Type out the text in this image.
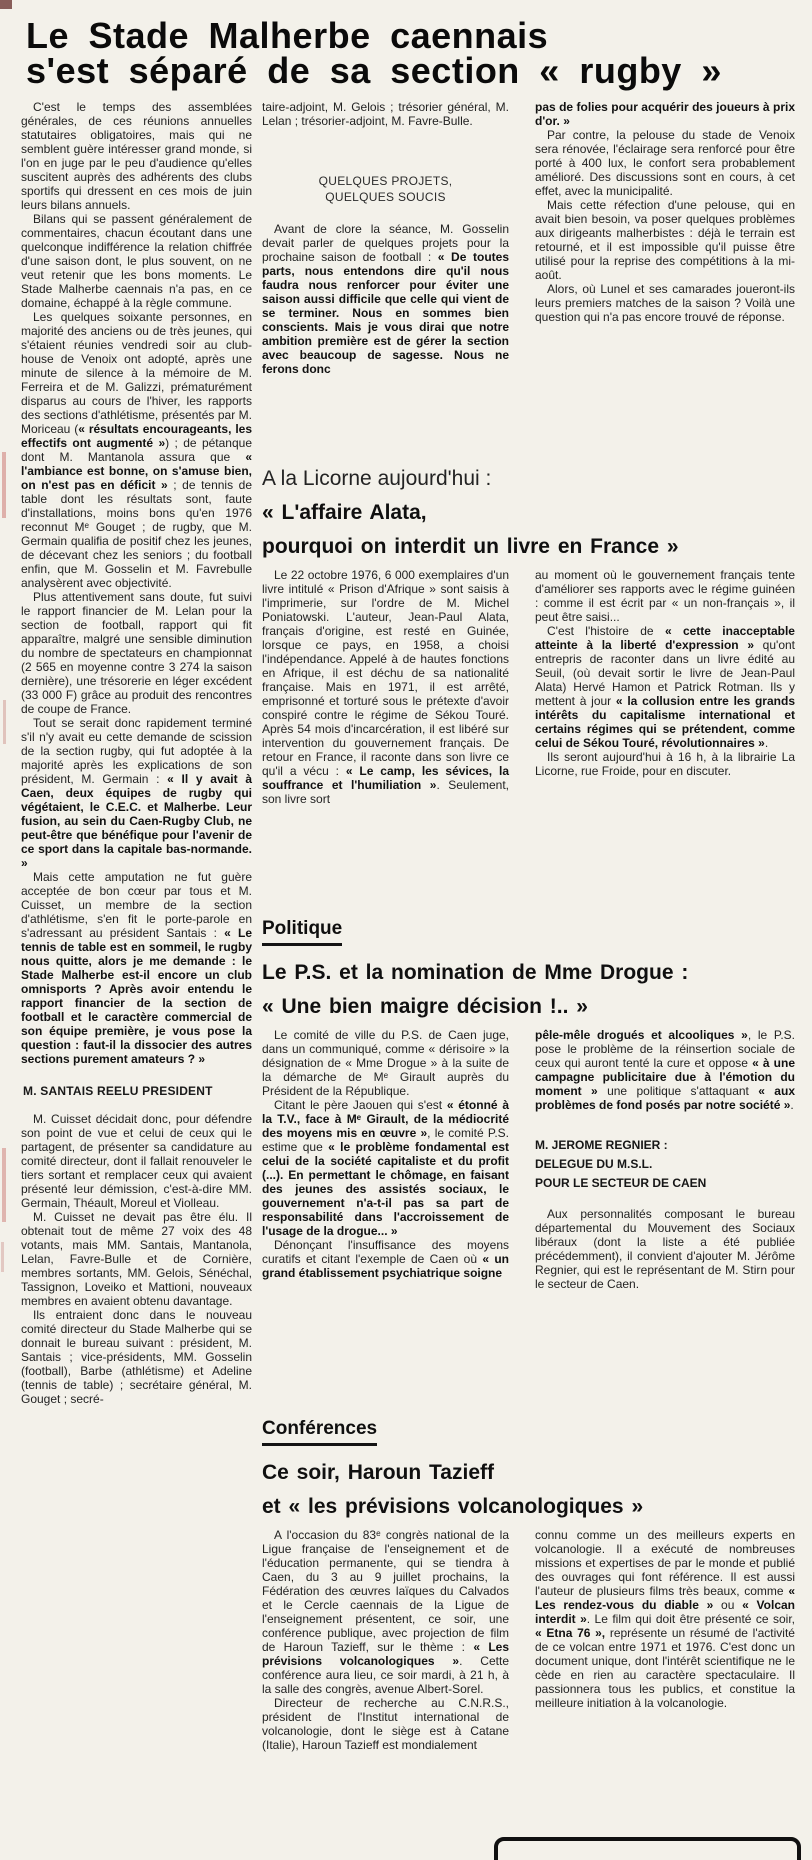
Le Stade Malherbe caennais
s'est séparé de sa section « rugby »

C'est le temps des assemblées générales, de ces réunions annuelles statutaires obligatoires, mais qui ne semblent guère intéresser grand monde, si l'on en juge par le peu d'audience qu'elles suscitent auprès des adhérents des clubs sportifs qui dressent en ces mois de juin leurs bilans annuels.

Bilans qui se passent généralement de commentaires, chacun écoutant dans une quelconque indifférence la relation chiffrée d'une saison dont, le plus souvent, on ne veut retenir que les bons moments. Le Stade Malherbe caennais n'a pas, en ce domaine, échappé à la règle commune.

Les quelques soixante personnes, en majorité des anciens ou de très jeunes, qui s'étaient réunies vendredi soir au club-house de Venoix ont adopté, après une minute de silence à la mémoire de M. Ferreira et de M. Galizzi, prématurément disparus au cours de l'hiver, les rapports des sections d'athlétisme, présentés par M. Moriceau (« résultats encourageants, les effectifs ont augmenté ») ; de pétanque dont M. Mantanola assura que « l'ambiance est bonne, on s'amuse bien, on n'est pas en déficit » ; de tennis de table dont les résultats sont, faute d'installations, moins bons qu'en 1976 reconnut Mᵉ Gouget ; de rugby, que M. Germain qualifia de positif chez les jeunes, de décevant chez les seniors ; du football enfin, que M. Gosselin et M. Favrebulle analysèrent avec objectivité.

Plus attentivement sans doute, fut suivi le rapport financier de M. Lelan pour la section de football, rapport qui fit apparaître, malgré une sensible diminution du nombre de spectateurs en championnat (2 565 en moyenne contre 3 274 la saison dernière), une trésorerie en léger excédent (33 000 F) grâce au produit des rencontres de coupe de France.

Tout se serait donc rapidement terminé s'il n'y avait eu cette demande de scission de la section rugby, qui fut adoptée à la majorité après les explications de son président, M. Germain : « Il y avait à Caen, deux équipes de rugby qui végétaient, le C.E.C. et Malherbe. Leur fusion, au sein du Caen-Rugby Club, ne peut-être que bénéfique pour l'avenir de ce sport dans la capitale bas-normande. »

Mais cette amputation ne fut guère acceptée de bon cœur par tous et M. Cuisset, un membre de la section d'athlétisme, s'en fit le porte-parole en s'adressant au président Santais : « Le tennis de table est en sommeil, le rugby nous quitte, alors je me demande : le Stade Malherbe est-il encore un club omnisports ? Après avoir entendu le rapport financier de la section de football et le caractère commercial de son équipe première, je vous pose la question : faut-il la dissocier des autres sections purement amateurs ? »

M. SANTAIS REELU PRESIDENT

M. Cuisset décidait donc, pour défendre son point de vue et celui de ceux qui le partagent, de présenter sa candidature au comité directeur, dont il fallait renouveler le tiers sortant et remplacer ceux qui avaient présenté leur démission, c'est-à-dire MM. Germain, Théault, Moreul et Violleau.

M. Cuisset ne devait pas être élu. Il obtenait tout de même 27 voix des 48 votants, mais MM. Santais, Mantanola, Lelan, Favre-Bulle et de Cornière, membres sortants, MM. Gelois, Sénéchal, Tassignon, Loveiko et Mattioni, nouveaux membres en avaient obtenu davantage.

Ils entraient donc dans le nouveau comité directeur du Stade Malherbe qui se donnait le bureau suivant : président, M. Santais ; vice-présidents, MM. Gosselin (football), Barbe (athlétisme) et Adeline (tennis de table) ; secrétaire général, M. Gouget ; secré-

taire-adjoint, M. Gelois ; trésorier général, M. Lelan ; trésorier-adjoint, M. Favre-Bulle.

QUELQUES PROJETS,
QUELQUES SOUCIS

Avant de clore la séance, M. Gosselin devait parler de quelques projets pour la prochaine saison de football : « De toutes parts, nous entendons dire qu'il nous faudra nous renforcer pour éviter une saison aussi difficile que celle qui vient de se terminer. Nous en sommes bien conscients. Mais je vous dirai que notre ambition première est de gérer la section avec beaucoup de sagesse. Nous ne ferons donc

pas de folies pour acquérir des joueurs à prix d'or. »

Par contre, la pelouse du stade de Venoix sera rénovée, l'éclairage sera renforcé pour être porté à 400 lux, le confort sera probablement amélioré. Des discussions sont en cours, à cet effet, avec la municipalité.

Mais cette réfection d'une pelouse, qui en avait bien besoin, va poser quelques problèmes aux dirigeants malherbistes : déjà le terrain est retourné, et il est impossible qu'il puisse être utilisé pour la reprise des compétitions à la mi-août.

Alors, où Lunel et ses camarades joueront-ils leurs premiers matches de la saison ? Voilà une question qui n'a pas encore trouvé de réponse.

A la Licorne aujourd'hui :
« L'affaire Alata,
pourquoi on interdit un livre en France »

Le 22 octobre 1976, 6 000 exemplaires d'un livre intitulé « Prison d'Afrique » sont saisis à l'imprimerie, sur l'ordre de M. Michel Poniatowski. L'auteur, Jean-Paul Alata, français d'origine, est resté en Guinée, lorsque ce pays, en 1958, a choisi l'indépendance. Appelé à de hautes fonctions en Afrique, il est déchu de sa nationalité française. Mais en 1971, il est arrêté, emprisonné et torturé sous le prétexte d'avoir conspiré contre le régime de Sékou Touré. Après 54 mois d'incarcération, il est libéré sur intervention du gouvernement français. De retour en France, il raconte dans son livre ce qu'il a vécu : « Le camp, les sévices, la souffrance et l'humiliation ». Seulement, son livre sort

au moment où le gouvernement français tente d'améliorer ses rapports avec le régime guinéen : comme il est écrit par « un non-français », il peut être saisi...

C'est l'histoire de « cette inacceptable atteinte à la liberté d'expression » qu'ont entrepris de raconter dans un livre édité au Seuil, (où devait sortir le livre de Jean-Paul Alata) Hervé Hamon et Patrick Rotman. Ils y mettent à jour « la collusion entre les grands intérêts du capitalisme international et certains régimes qui se prétendent, comme celui de Sékou Touré, révolutionnaires ».

Ils seront aujourd'hui à 16 h, à la librairie La Licorne, rue Froide, pour en discuter.

Politique
Le P.S. et la nomination de Mme Drogue :
« Une bien maigre décision !.. »

Le comité de ville du P.S. de Caen juge, dans un communiqué, comme « dérisoire » la désignation de « Mme Drogue » à la suite de la démarche de Mᵉ Girault auprès du Président de la République.

Citant le père Jaouen qui s'est « étonné à la T.V., face à Mᵉ Girault, de la médiocrité des moyens mis en œuvre », le comité P.S. estime que « le problème fondamental est celui de la société capitaliste et du profit (...). En permettant le chômage, en faisant des jeunes des assistés sociaux, le gouvernement n'a-t-il pas sa part de responsabilité dans l'accroissement de l'usage de la drogue... »

Dénonçant l'insuffisance des moyens curatifs et citant l'exemple de Caen où « un grand établissement psychiatrique soigne

pêle-mêle drogués et alcooliques », le P.S. pose le problème de la réinsertion sociale de ceux qui auront tenté la cure et oppose « à une campagne publicitaire due à l'émotion du moment » une politique s'attaquant « aux problèmes de fond posés par notre société ».

M. JEROME REGNIER :
DELEGUE DU M.S.L.
POUR LE SECTEUR DE CAEN

Aux personnalités composant le bureau départemental du Mouvement des Sociaux libéraux (dont la liste a été publiée précédemment), il convient d'ajouter M. Jérôme Regnier, qui est le représentant de M. Stirn pour le secteur de Caen.

Conférences
Ce soir, Haroun Tazieff
et « les prévisions volcanologiques »

A l'occasion du 83ᵉ congrès national de la Ligue française de l'enseignement et de l'éducation permanente, qui se tiendra à Caen, du 3 au 9 juillet prochains, la Fédération des œuvres laïques du Calvados et le Cercle caennais de la Ligue de l'enseignement présentent, ce soir, une conférence publique, avec projection de film de Haroun Tazieff, sur le thème : « Les prévisions volcanologiques ». Cette conférence aura lieu, ce soir mardi, à 21 h, à la salle des congrès, avenue Albert-Sorel.

Directeur de recherche au C.N.R.S., président de l'Institut international de volcanologie, dont le siège est à Catane (Italie), Haroun Tazieff est mondialement

connu comme un des meilleurs experts en volcanologie. Il a exécuté de nombreuses missions et expertises de par le monde et publié des ouvrages qui font référence. Il est aussi l'auteur de plusieurs films très beaux, comme « Les rendez-vous du diable » ou « Volcan interdit ». Le film qui doit être présenté ce soir, « Etna 76 », représente un résumé de l'activité de ce volcan entre 1971 et 1976. C'est donc un document unique, dont l'intérêt scientifique ne le cède en rien au caractère spectaculaire. Il passionnera tous les publics, et constitue la meilleure initiation à la volcanologie.
